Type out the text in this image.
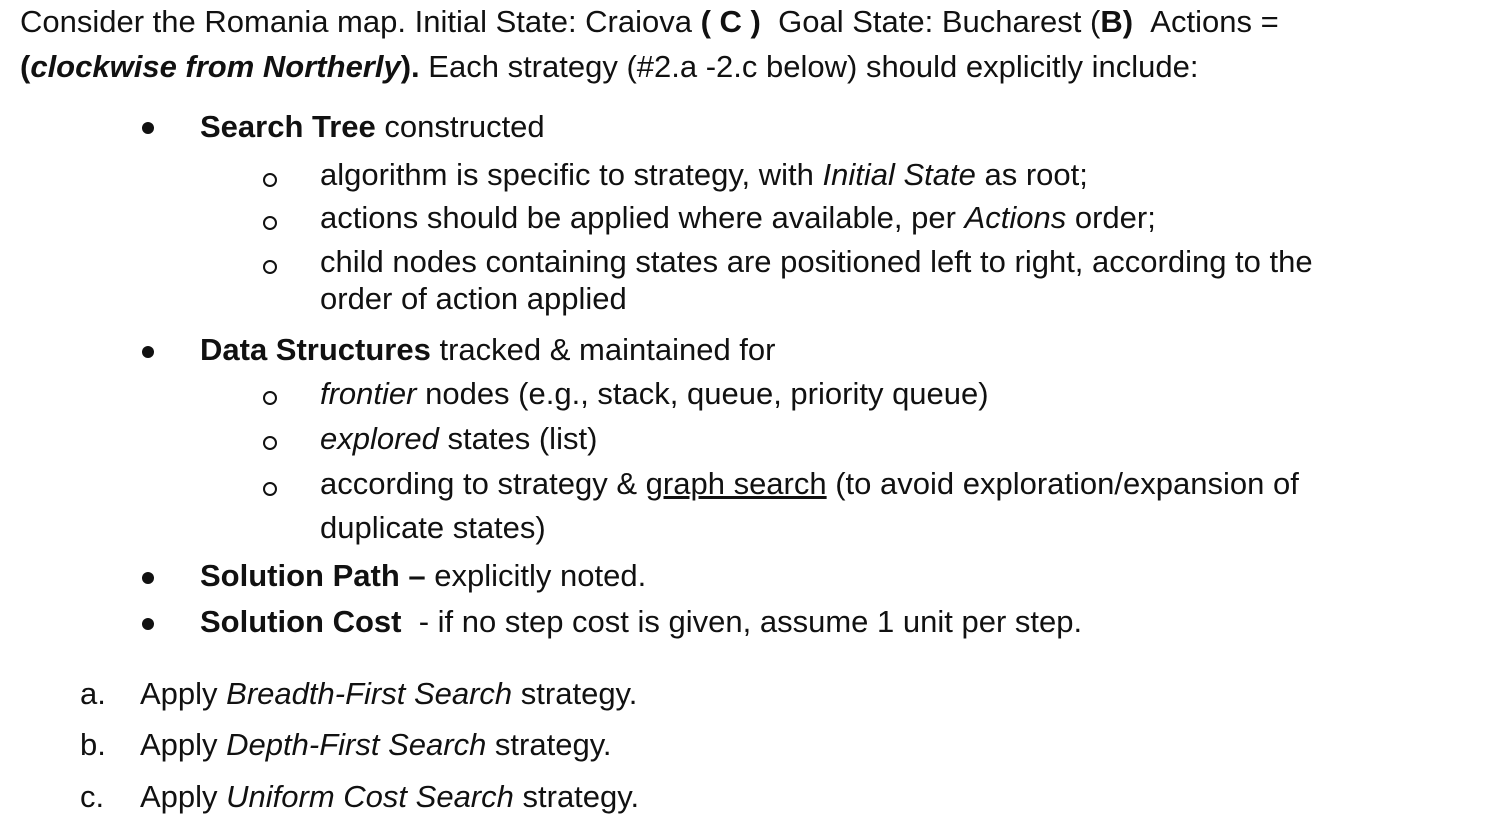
Consider the Romania map. Initial State: Craiova ( C ) Goal State: Bucharest (B) Actions =
(clockwise from Northerly). Each strategy (#2.a -2.c below) should explicitly include:
Search Tree constructed
algorithm is specific to strategy, with Initial State as root;
actions should be applied where available, per Actions order;
child nodes containing states are positioned left to right, according to the
order of action applied
Data Structures tracked & maintained for
frontier nodes (e.g., stack, queue, priority queue)
explored states (list)
according to strategy & graph search (to avoid exploration/expansion of
duplicate states)
Solution Path – explicitly noted.
Solution Cost  - if no step cost is given, assume 1 unit per step.
a. Apply Breadth-First Search strategy.
b. Apply Depth-First Search strategy.
c. Apply Uniform Cost Search strategy.
